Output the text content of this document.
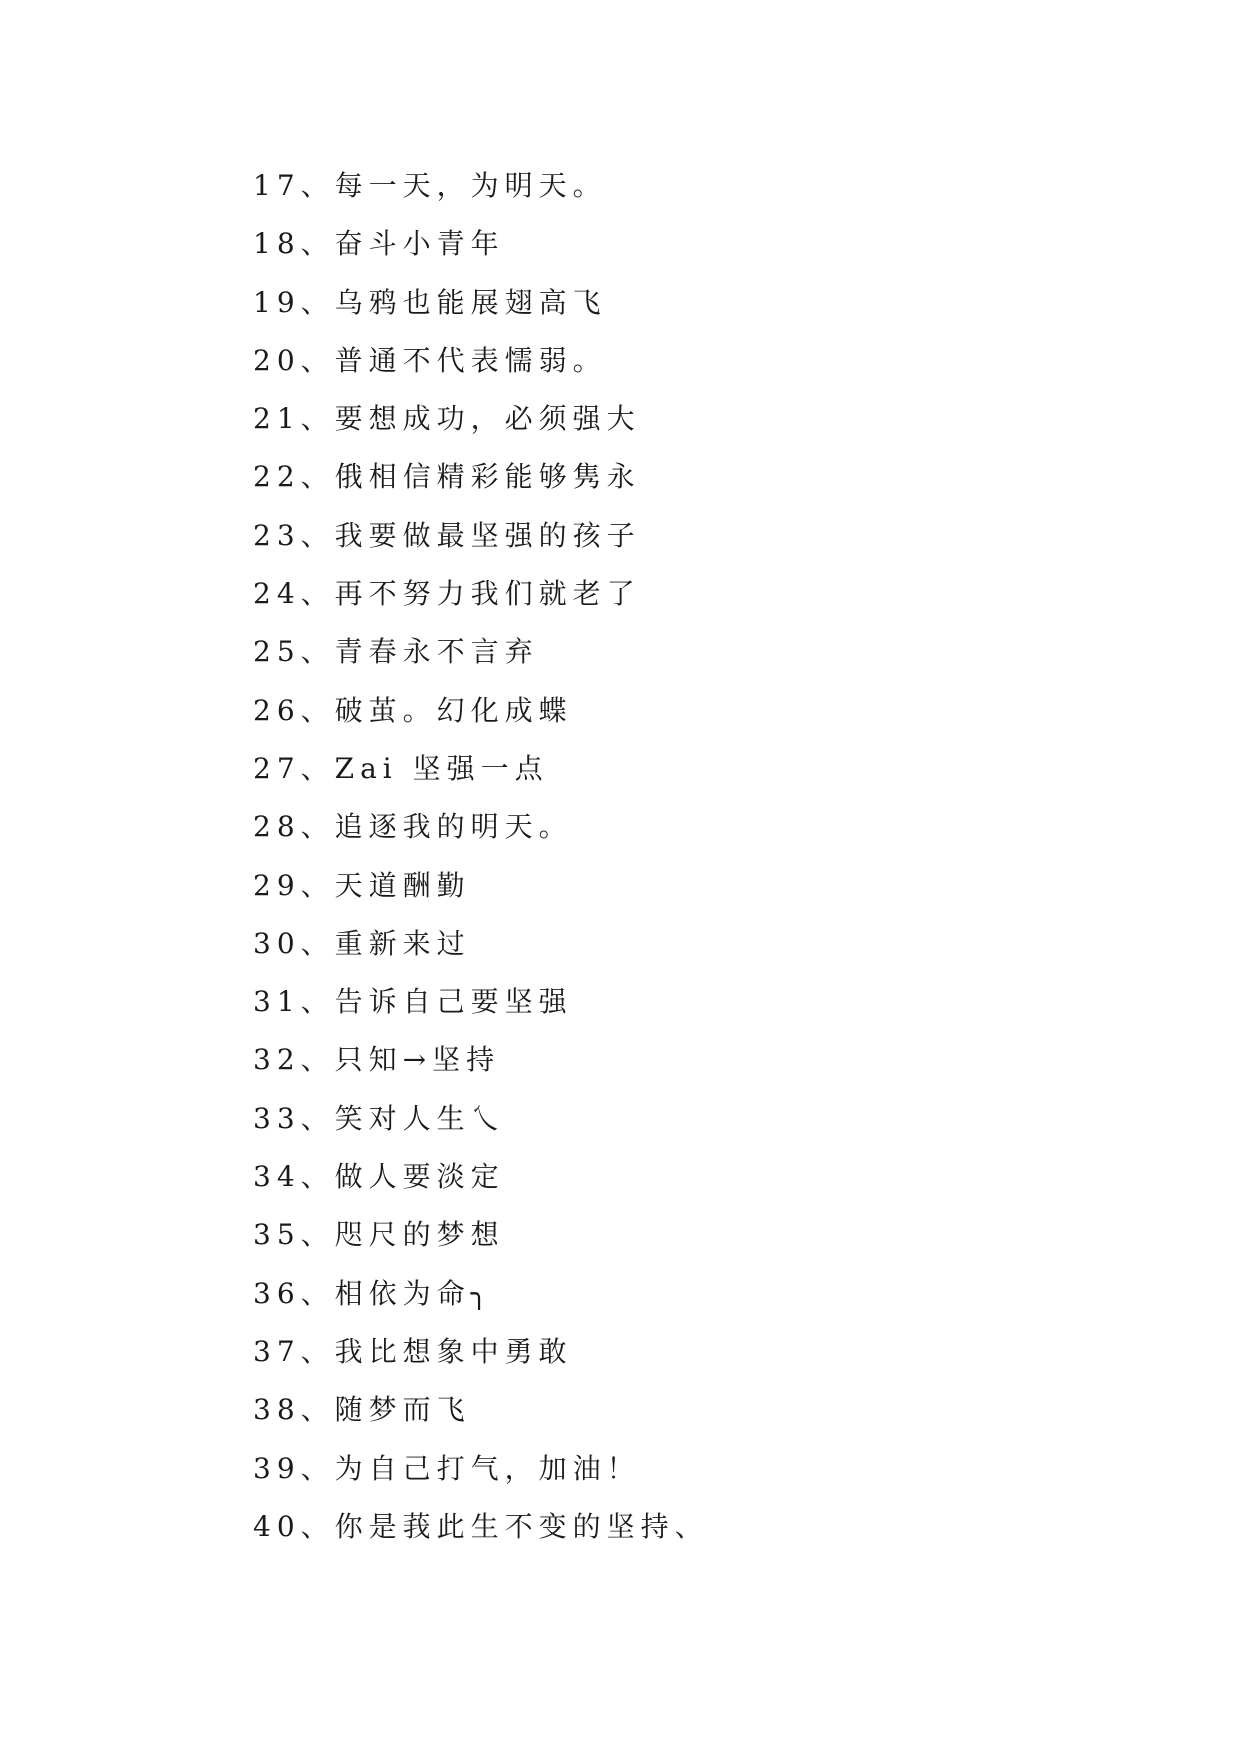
17、每一天，为明天。
18、奋斗小青年
19、乌鸦也能展翅高飞
20、普通不代表懦弱。
21、要想成功，必须强大
22、俄相信精彩能够隽永
23、我要做最坚强的孩子
24、再不努力我们就老了
25、青春永不言弃
26、破茧。幻化成蝶
27、Zai 坚强一点
28、追逐我的明天。
29、天道酬勤
30、重新来过
31、告诉自己要坚强
32、只知→坚持
33、笑对人生乀
34、做人要淡定
35、咫尺的梦想
36、相依为命╮
37、我比想象中勇敢
38、随梦而飞
39、为自己打气，加油！
40、你是莪此生不变的坚持、
